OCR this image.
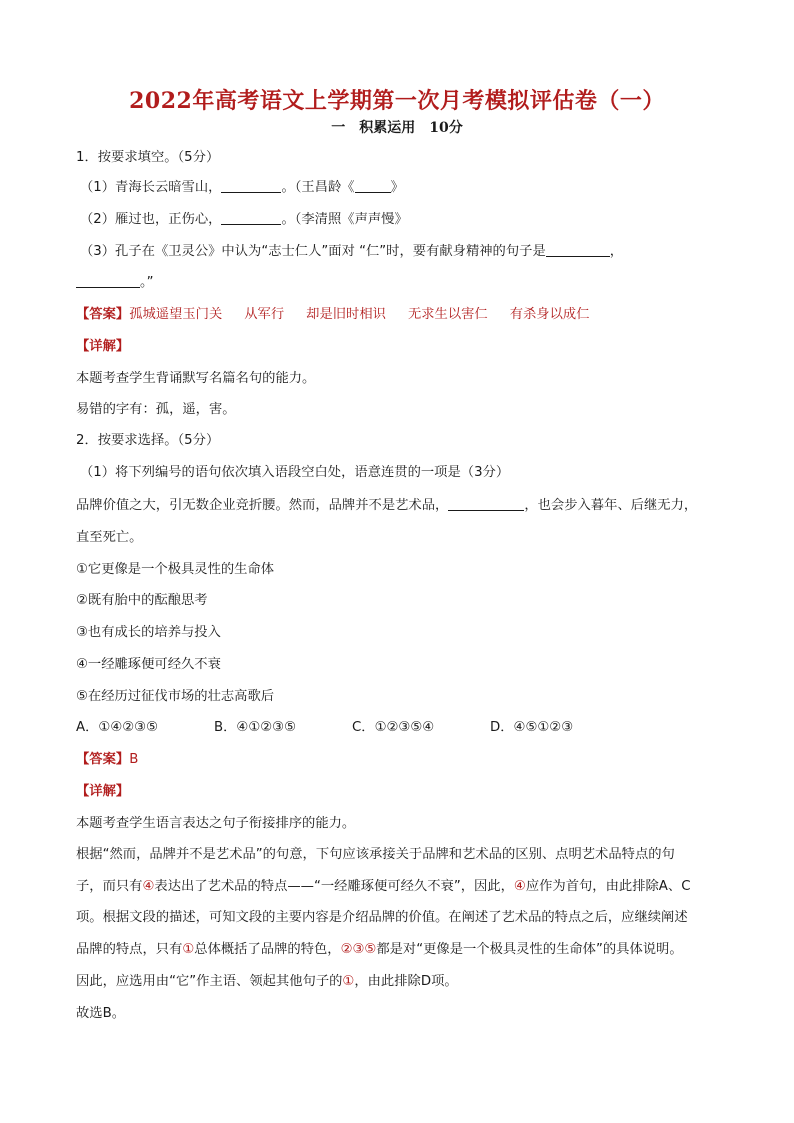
2022年高考语文上学期第一次月考模拟评估卷（一）
一 积累运用 10分
1．按要求填空。（5分）
（1）青海长云暗雪山，	。（王昌龄《	》
（2）雁过也，正伤心，	。（李清照《声声慢》
（3）孔子在《卫灵公》中认为“志士仁人”面对 “仁”时，要有献身精神的句子是	，
。”
【答案】孤城遥望玉门关 从军行 却是旧时相识 无求生以害仁 有杀身以成仁
【详解】
本题考查学生背诵默写名篇名句的能力。
易错的字有：孤，遥，害。
2．按要求选择。（5分）
（1）将下列编号的语句依次填入语段空白处，语意连贯的一项是（3分）
品牌价值之大，引无数企业竞折腰。然而，品牌并不是艺术品，	，也会步入暮年、后继无力，
直至死亡。
①它更像是一个极具灵性的生命体
②既有胎中的酝酿思考
③也有成长的培养与投入
④一经雕琢便可经久不衰
⑤在经历过征伐市场的壮志高歌后
A．①④②③⑤	B．④①②③⑤	C．①②③⑤④	D．④⑤①②③
【答案】B
【详解】
本题考查学生语言表达之句子衔接排序的能力。
根据“然而，品牌并不是艺术品”的句意，下句应该承接关于品牌和艺术品的区别、点明艺术品特点的句
子，而只有④表达出了艺术品的特点——“一经雕琢便可经久不衰”，因此，④应作为首句，由此排除A、C
项。根据文段的描述，可知文段的主要内容是介绍品牌的价值。在阐述了艺术品的特点之后，应继续阐述
品牌的特点，只有①总体概括了品牌的特色，②③⑤都是对“更像是一个极具灵性的生命体”的具体说明。
因此，应选用由“它”作主语、领起其他句子的①，由此排除D项。
故选B。
